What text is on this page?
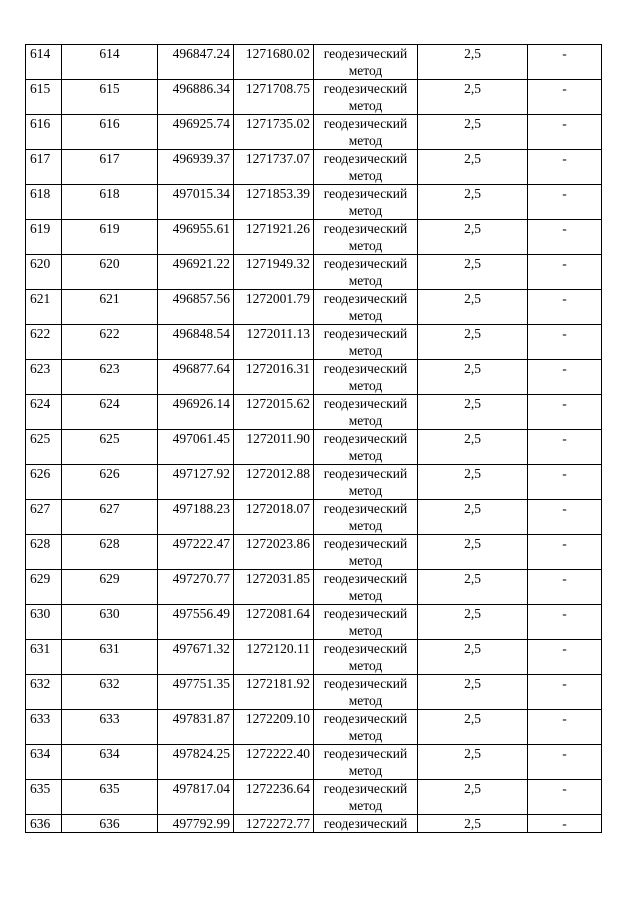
614	614	496847.24	1271680.02	геодезический метод	2,5	-
615	615	496886.34	1271708.75	геодезический метод	2,5	-
616	616	496925.74	1271735.02	геодезический метод	2,5	-
617	617	496939.37	1271737.07	геодезический метод	2,5	-
618	618	497015.34	1271853.39	геодезический метод	2,5	-
619	619	496955.61	1271921.26	геодезический метод	2,5	-
620	620	496921.22	1271949.32	геодезический метод	2,5	-
621	621	496857.56	1272001.79	геодезический метод	2,5	-
622	622	496848.54	1272011.13	геодезический метод	2,5	-
623	623	496877.64	1272016.31	геодезический метод	2,5	-
624	624	496926.14	1272015.62	геодезический метод	2,5	-
625	625	497061.45	1272011.90	геодезический метод	2,5	-
626	626	497127.92	1272012.88	геодезический метод	2,5	-
627	627	497188.23	1272018.07	геодезический метод	2,5	-
628	628	497222.47	1272023.86	геодезический метод	2,5	-
629	629	497270.77	1272031.85	геодезический метод	2,5	-
630	630	497556.49	1272081.64	геодезический метод	2,5	-
631	631	497671.32	1272120.11	геодезический метод	2,5	-
632	632	497751.35	1272181.92	геодезический метод	2,5	-
633	633	497831.87	1272209.10	геодезический метод	2,5	-
634	634	497824.25	1272222.40	геодезический метод	2,5	-
635	635	497817.04	1272236.64	геодезический метод	2,5	-
636	636	497792.99	1272272.77	геодезический	2,5	-
